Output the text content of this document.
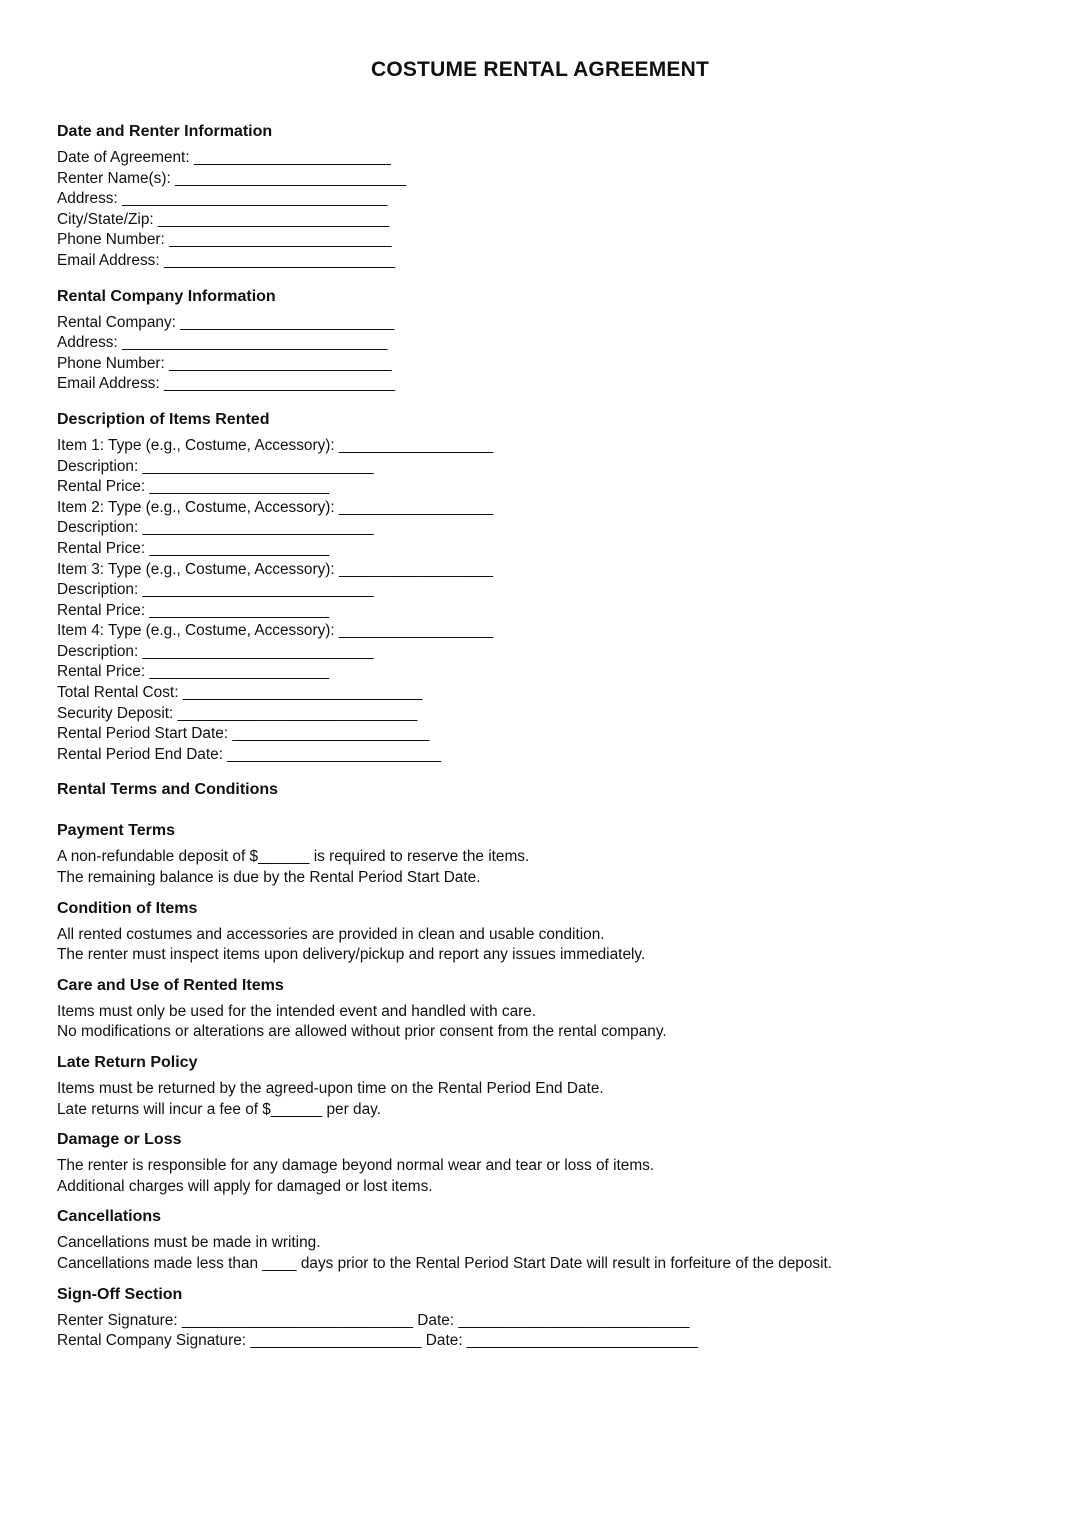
COSTUME RENTAL AGREEMENT
Date and Renter Information

Date of Agreement: _______________________

Renter Name(s): ___________________________

Address: _______________________________

City/State/Zip: ___________________________

Phone Number: __________________________

Email Address: ___________________________

Rental Company Information

Rental Company: _________________________

Address: _______________________________

Phone Number: __________________________

Email Address: ___________________________

Description of Items Rented

Item 1: Type (e.g., Costume, Accessory): __________________

Description: ___________________________

Rental Price: _____________________

Item 2: Type (e.g., Costume, Accessory): __________________

Description: ___________________________

Rental Price: _____________________

Item 3: Type (e.g., Costume, Accessory): __________________

Description: ___________________________

Rental Price: _____________________

Item 4: Type (e.g., Costume, Accessory): __________________

Description: ___________________________

Rental Price: _____________________

Total Rental Cost: ____________________________

Security Deposit: ____________________________

Rental Period Start Date: _______________________

Rental Period End Date: _________________________

Rental Terms and Conditions
Payment Terms

A non-refundable deposit of $______ is required to reserve the items.

The remaining balance is due by the Rental Period Start Date.

Condition of Items

All rented costumes and accessories are provided in clean and usable condition.

The renter must inspect items upon delivery/pickup and report any issues immediately.

Care and Use of Rented Items

Items must only be used for the intended event and handled with care.

No modifications or alterations are allowed without prior consent from the rental company.

Late Return Policy

Items must be returned by the agreed-upon time on the Rental Period End Date.

Late returns will incur a fee of $______ per day.

Damage or Loss

The renter is responsible for any damage beyond normal wear and tear or loss of items.

Additional charges will apply for damaged or lost items.

Cancellations

Cancellations must be made in writing.

Cancellations made less than ____ days prior to the Rental Period Start Date will result in forfeiture of the deposit.

Sign-Off Section

Renter Signature: ___________________________ Date: ___________________________

Rental Company Signature: ____________________ Date: ___________________________
